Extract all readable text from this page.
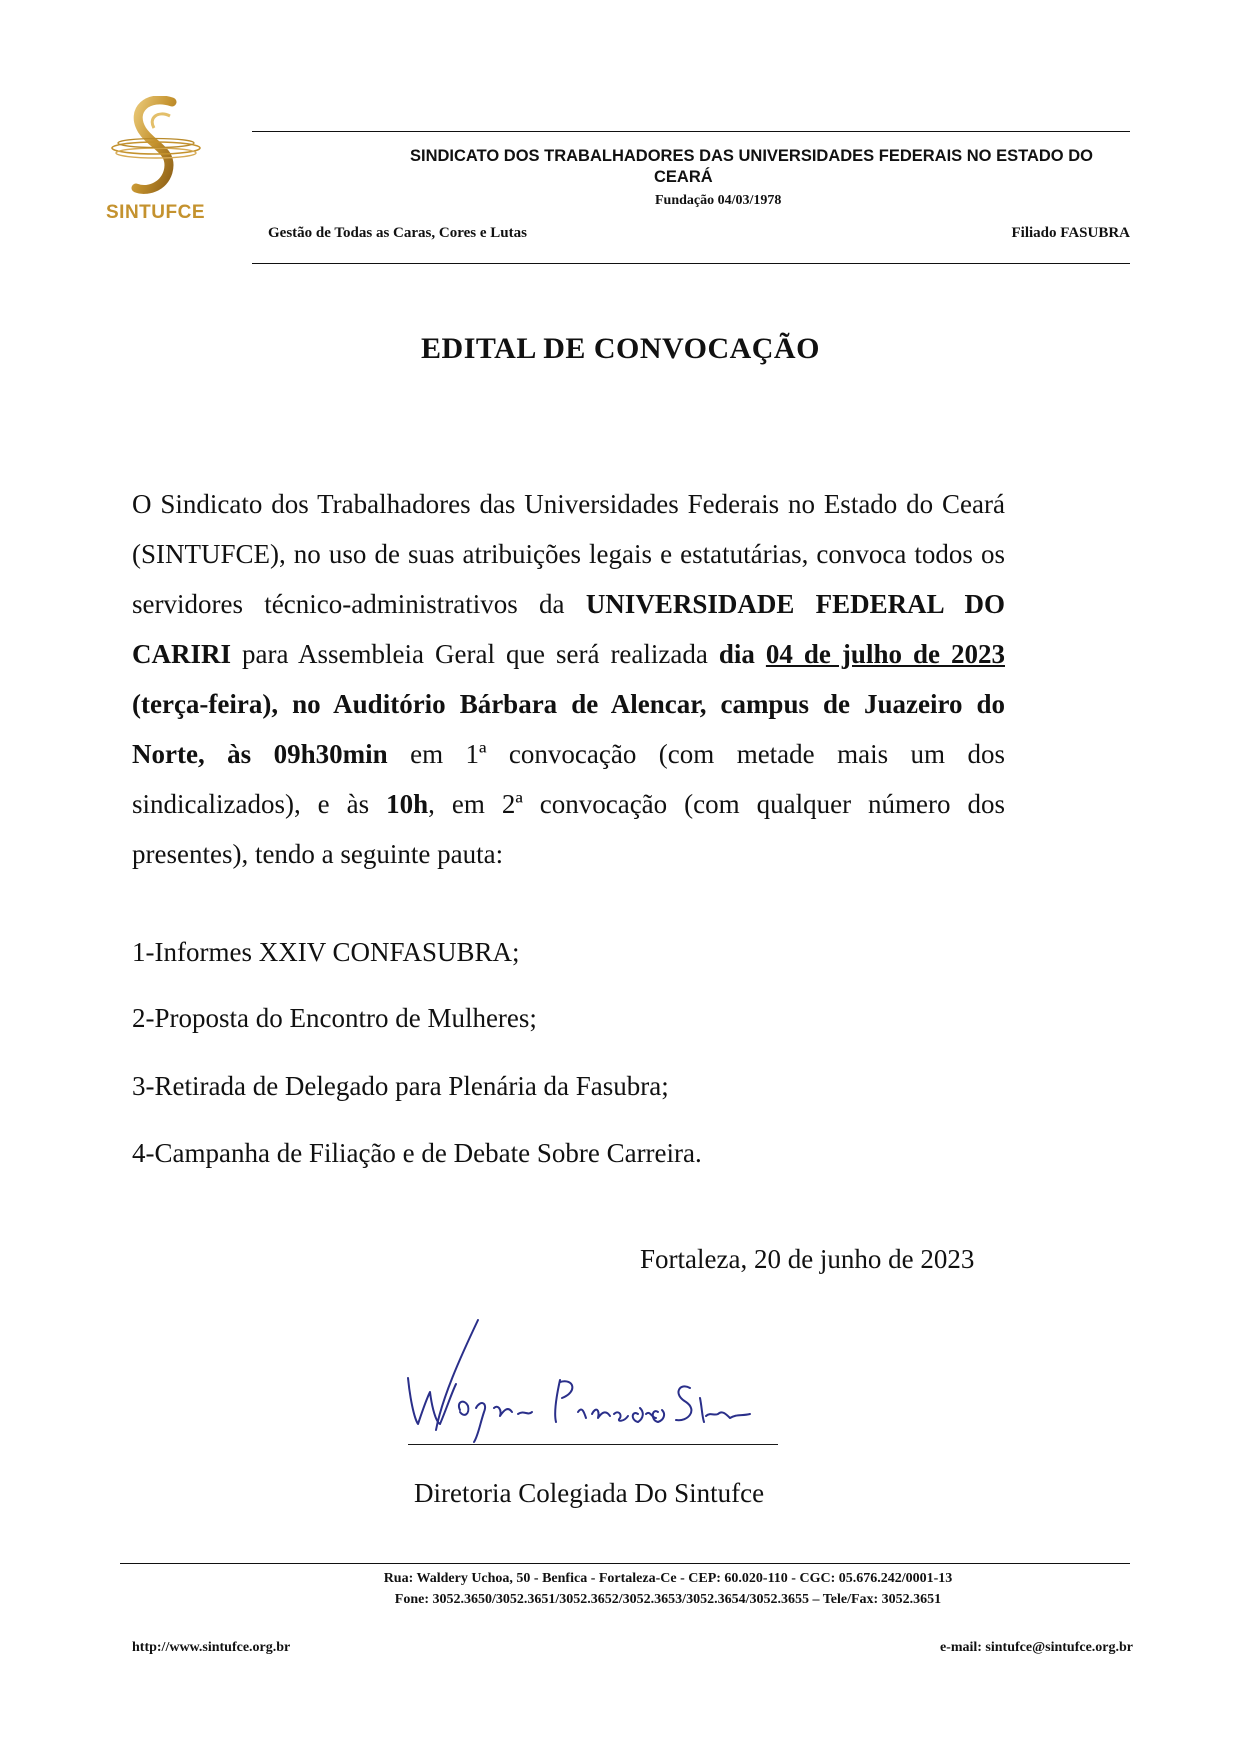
SINTUFCE
SINDICATO DOS TRABALHADORES DAS UNIVERSIDADES FEDERAIS NO ESTADO DO
CEARÁ
Fundação 04/03/1978
Gestão de Todas as Caras, Cores e Lutas	Filiado FASUBRA
EDITAL DE CONVOCAÇÃO
O Sindicato dos Trabalhadores das Universidades Federais no Estado do Ceará (SINTUFCE), no uso de suas atribuições legais e estatutárias, convoca todos os servidores técnico-administrativos da UNIVERSIDADE FEDERAL DO CARIRI para Assembleia Geral que será realizada dia 04 de julho de 2023 (terça-feira), no Auditório Bárbara de Alencar, campus de Juazeiro do Norte, às 09h30min em 1ª convocação (com metade mais um dos sindicalizados), e às 10h, em 2ª convocação (com qualquer número dos presentes), tendo a seguinte pauta:
1-Informes XXIV CONFASUBRA;
2-Proposta do Encontro de Mulheres;
3-Retirada de Delegado para Plenária da Fasubra;
4-Campanha de Filiação e de Debate Sobre Carreira.
Fortaleza, 20 de junho de 2023
Diretoria Colegiada Do Sintufce
Rua: Waldery Uchoa, 50 - Benfica - Fortaleza-Ce - CEP: 60.020-110 - CGC: 05.676.242/0001-13
Fone: 3052.3650/3052.3651/3052.3652/3052.3653/3052.3654/3052.3655 – Tele/Fax: 3052.3651
http://www.sintufce.org.br	e-mail: sintufce@sintufce.org.br
